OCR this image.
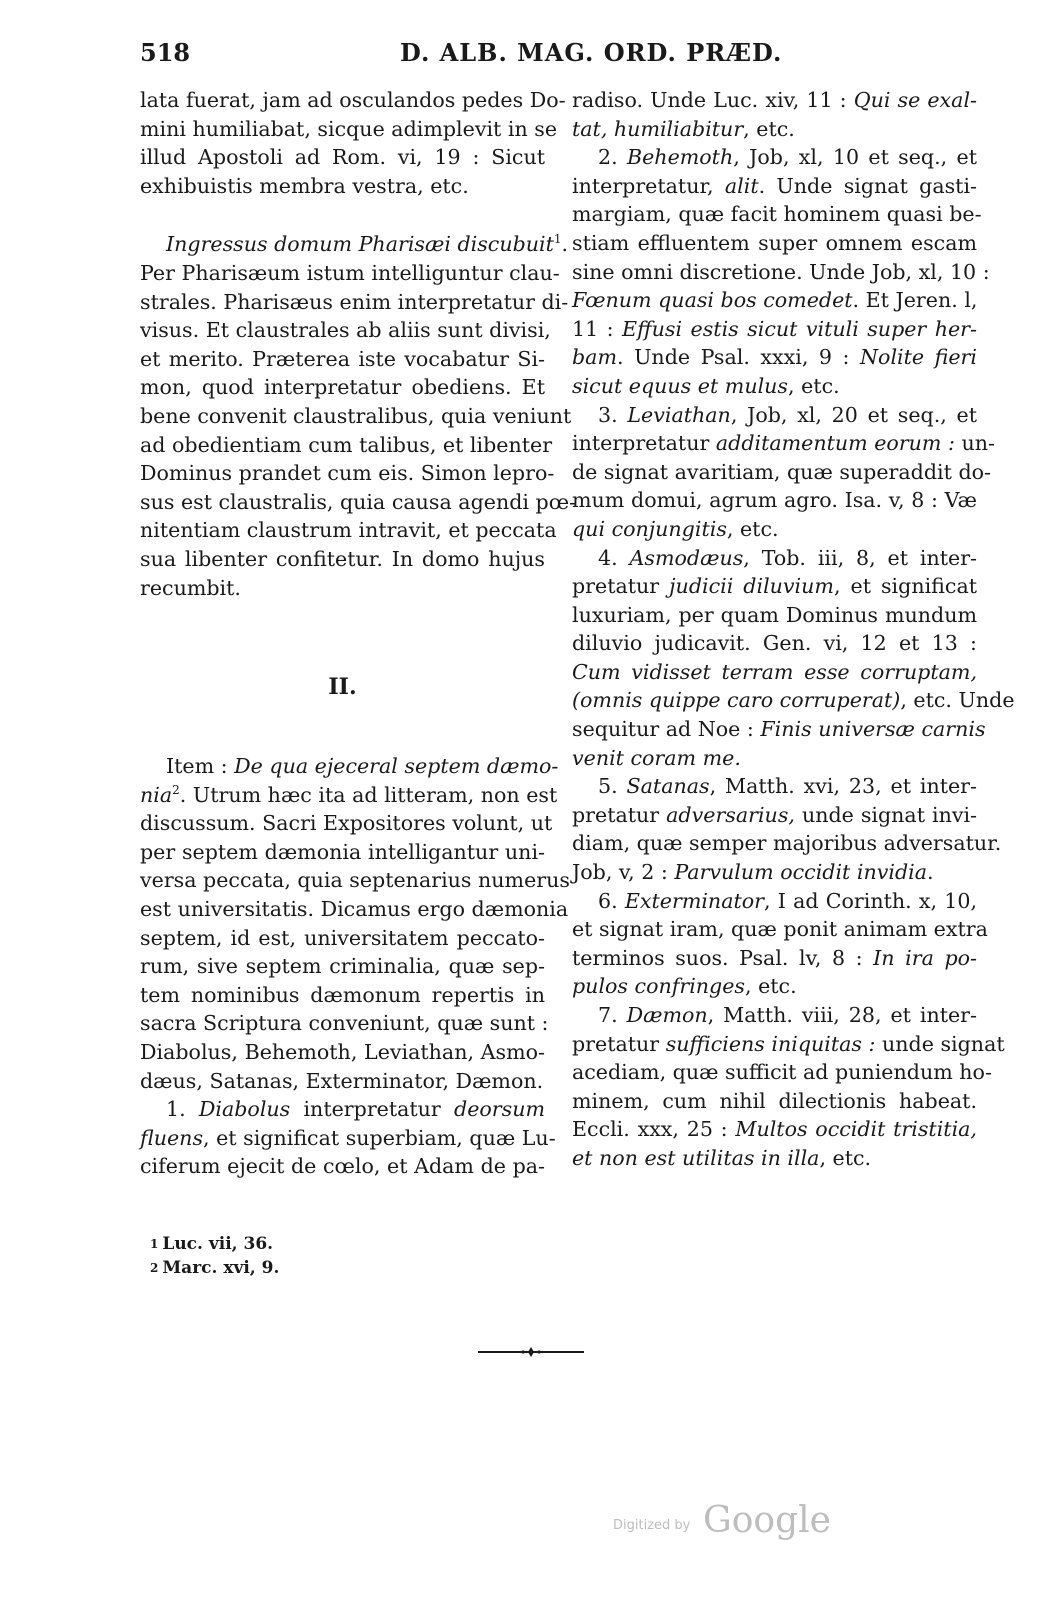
518	D. ALB. MAG. ORD. PRÆD.

lata fuerat, jam ad osculandos pedes Do-
mini humiliabat, sicque adimplevit in se
illud Apostoli ad Rom. vi, 19 : Sicut
exhibuistis membra vestra, etc.

Ingressus domum Pharisæi discubuit$^1$.
Per Pharisæum istum intelliguntur clau-
strales. Pharisæus enim interpretatur di-
visus. Et claustrales ab aliis sunt divisi,
et merito. Præterea iste vocabatur Si-
mon, quod interpretatur obediens. Et
bene convenit claustralibus, quia veniunt
ad obedientiam cum talibus, et libenter
Dominus prandet cum eis. Simon lepro-
sus est claustralis, quia causa agendi pœ-
nitentiam claustrum intravit, et peccata
sua libenter confitetur. In domo hujus
recumbit.

II.

Item : De qua ejeceral septem dæmo-
nia$^2$. Utrum hæc ita ad litteram, non est
discussum. Sacri Expositores volunt, ut
per septem dæmonia intelligantur uni-
versa peccata, quia septenarius numerus
est universitatis. Dicamus ergo dæmonia
septem, id est, universitatem peccato-
rum, sive septem criminalia, quæ sep-
tem nominibus dæmonum repertis in
sacra Scriptura conveniunt, quæ sunt :
Diabolus, Behemoth, Leviathan, Asmo-
dæus, Satanas, Exterminator, Dæmon.

1. Diabolus interpretatur deorsum
fluens, et significat superbiam, quæ Lu-
ciferum ejecit de cœlo, et Adam de pa-

radiso. Unde Luc. xiv, 11 : Qui se exal-
tat, humiliabitur, etc.

2. Behemoth, Job, xl, 10 et seq., et
interpretatur, alit. Unde signat gasti-
margiam, quæ facit hominem quasi be-
stiam effluentem super omnem escam
sine omni discretione. Unde Job, xl, 10 :
Fœnum quasi bos comedet. Et Jeren. l,
11 : Effusi estis sicut vituli super her-
bam. Unde Psal. xxxi, 9 : Nolite fieri
sicut equus et mulus, etc.

3. Leviathan, Job, xl, 20 et seq., et
interpretatur additamentum eorum : un-
de signat avaritiam, quæ superaddit do-
mum domui, agrum agro. Isa. v, 8 : Væ
qui conjungitis, etc.

4. Asmodæus, Tob. iii, 8, et inter-
pretatur judicii diluvium, et significat
luxuriam, per quam Dominus mundum
diluvio judicavit. Gen. vi, 12 et 13 :
Cum vidisset terram esse corruptam,
(omnis quippe caro corruperat), etc. Unde
sequitur ad Noe : Finis universæ carnis
venit coram me.

5. Satanas, Matth. xvi, 23, et inter-
pretatur adversarius, unde signat invi-
diam, quæ semper majoribus adversatur.
Job, v, 2 : Parvulum occidit invidia.

6. Exterminator, I ad Corinth. x, 10,
et signat iram, quæ ponit animam extra
terminos suos. Psal. lv, 8 : In ira po-
pulos confringes, etc.

7. Dæmon, Matth. viii, 28, et inter-
pretatur sufficiens iniquitas : unde signat
acediam, quæ sufficit ad puniendum ho-
minem, cum nihil dilectionis habeat.
Eccli. xxx, 25 : Multos occidit tristitia,
et non est utilitas in illa, etc.

$^1$ Luc. vii, 36.
$^2$ Marc. xvi, 9.
Digitized by Google
